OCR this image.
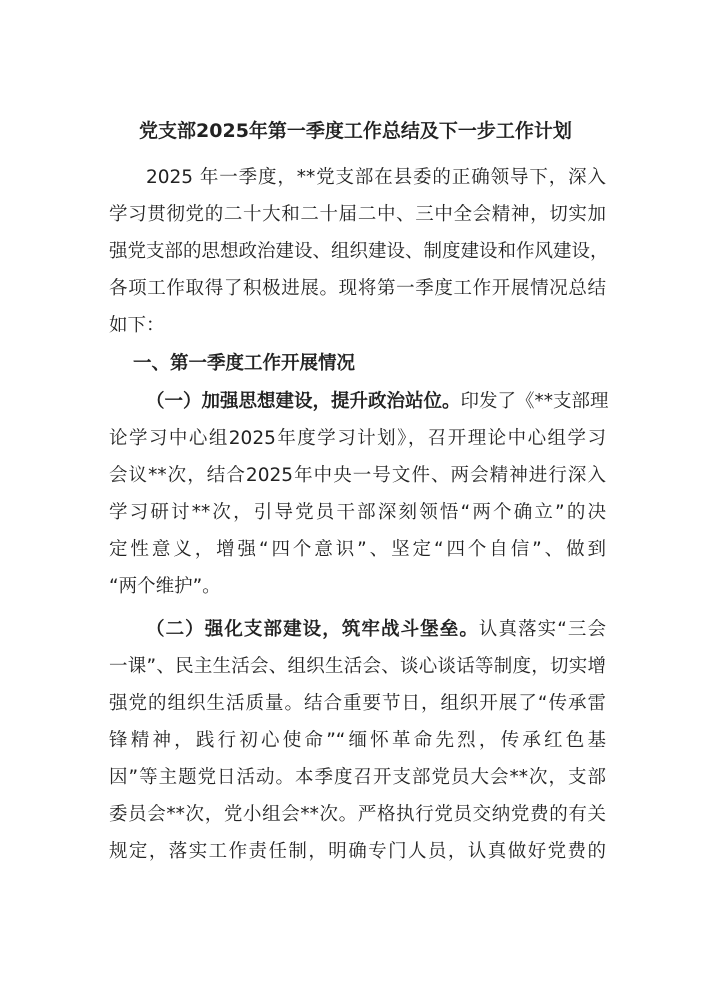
党支部2025年第一季度工作总结及下一步工作计划
2025 年一季度，**党支部在县委的正确领导下，深入
学习贯彻党的二十大和二十届二中、三中全会精神，切实加
强党支部的思想政治建设、组织建设、制度建设和作风建设，
各项工作取得了积极进展。现将第一季度工作开展情况总结
如下：
一、第一季度工作开展情况
（一）加强思想建设，提升政治站位。印发了《**支部理
论学习中心组2025年度学习计划》，召开理论中心组学习
会议**次，结合2025年中央一号文件、两会精神进行深入
学习研讨**次，引导党员干部深刻领悟“两个确立”的决
定性意义，增强“四个意识”、坚定“四个自信”、做到
“两个维护”。
（二）强化支部建设，筑牢战斗堡垒。认真落实“三会
一课”、民主生活会、组织生活会、谈心谈话等制度，切实增
强党的组织生活质量。结合重要节日，组织开展了“传承雷
锋精神，践行初心使命”“缅怀革命先烈，传承红色基
因”等主题党日活动。本季度召开支部党员大会**次，支部
委员会**次，党小组会**次。严格执行党员交纳党费的有关
规定，落实工作责任制，明确专门人员，认真做好党费的
